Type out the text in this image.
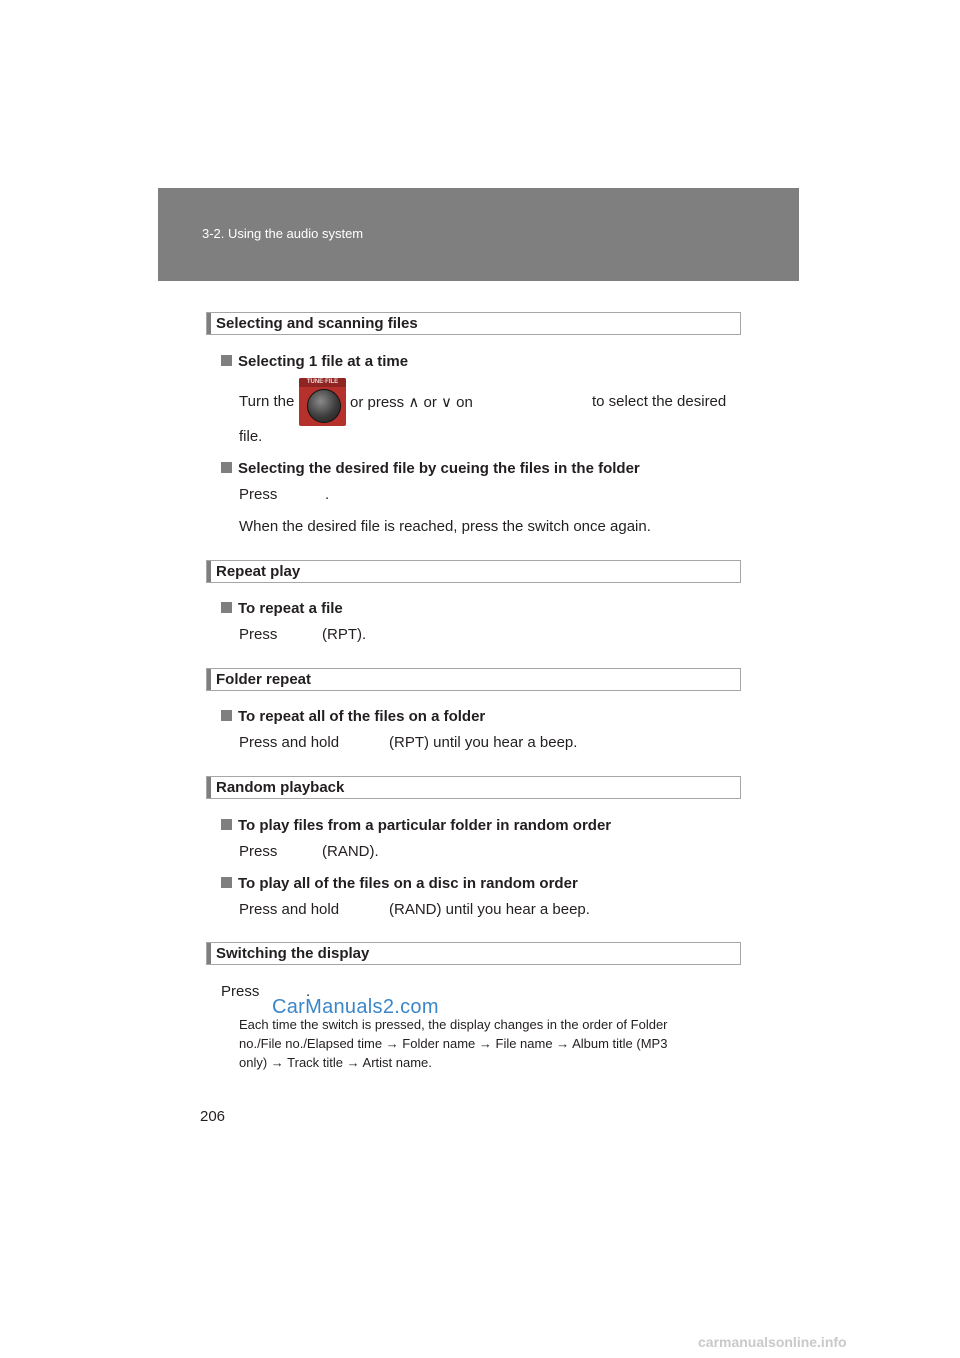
3-2. Using the audio system
Selecting and scanning files
Selecting 1 file at a time
Turn the
TUNE·FILE
or press ∧ or ∨ on	to select the desired
file.
Selecting the desired file by cueing the files in the folder
Press	.
When the desired file is reached, press the switch once again.
Repeat play
To repeat a file
Press	(RPT).
Folder repeat
To repeat all of the files on a folder
Press and hold	(RPT) until you hear a beep.
Random playback
To play files from a particular folder in random order
Press	(RAND).
To play all of the files on a disc in random order
Press and hold	(RAND) until you hear a beep.
Switching the display
Press	.
CarManuals2.com
Each time the switch is pressed, the display changes in the order of Folder
no./File no./Elapsed time → Folder name → File name → Album title (MP3
only) → Track title → Artist name.
206
carmanualsonline.info
